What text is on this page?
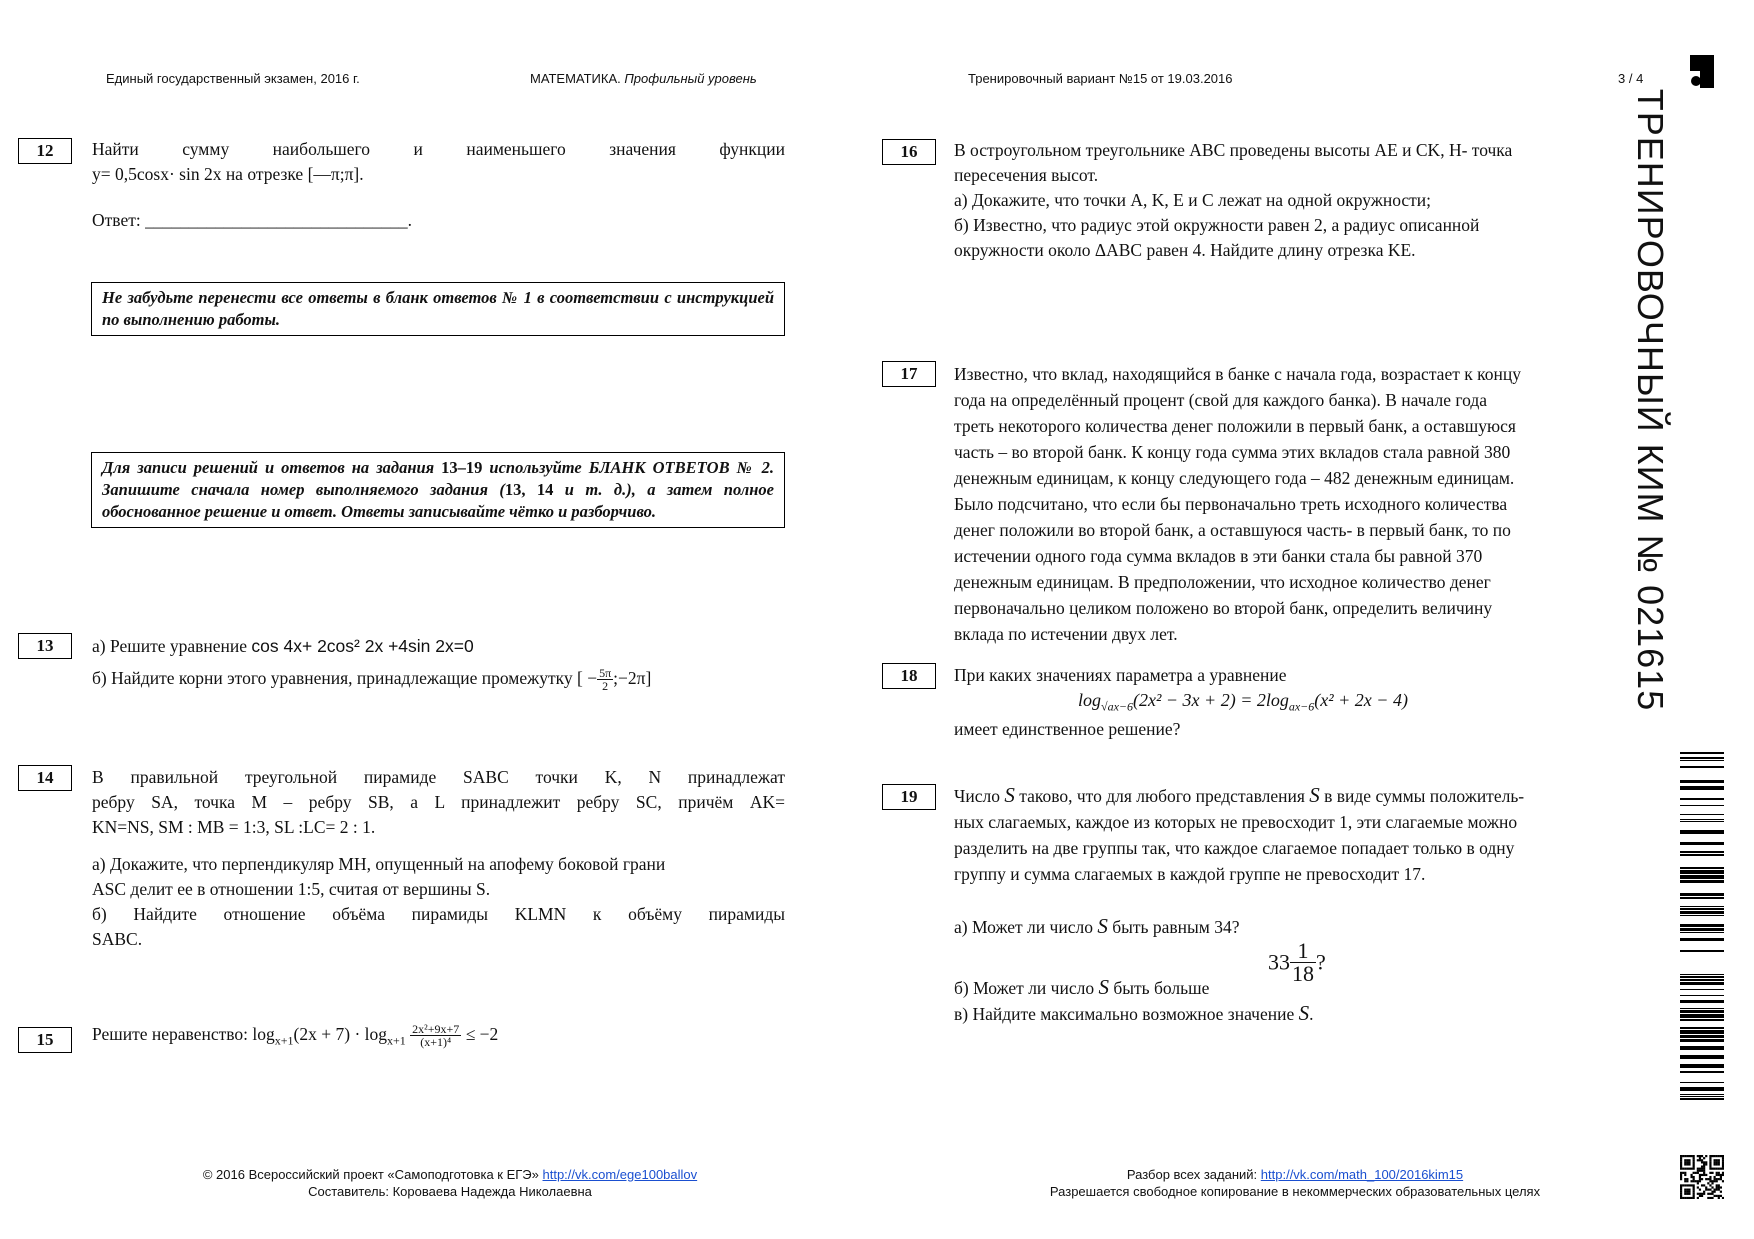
Единый государственный экзамен, 2016 г.	МАТЕМАТИКА. Профильный уровень	Тренировочный вариант №15 от 19.03.2016	3 / 4
ТРЕНИРОВОЧНЫЙ КИМ № 021615
12	Найти сумму наибольшего и наименьшего значения функции
y= 0,5cosx· sin 2x на отрезке [—π;π].
Ответ: ______________________________.
Не забудьте перенести все ответы в бланк ответов № 1 в соответствии с инструкцией по выполнению работы.
Для записи решений и ответов на задания 13–19 используйте БЛАНК ОТВЕТОВ № 2. Запишите сначала номер выполняемого задания (13, 14 и т. д.), а затем полное обоснованное решение и ответ. Ответы записывайте чётко и разборчиво.
13	а) Решите уравнение cos 4x+ 2cos² 2x +4sin 2x=0
б) Найдите корни этого уравнения, принадлежащие промежутку [ − $\frac{5\pi}{2}$ ;−2π]
14	В правильной треугольной пирамиде SABC точки K, N принадлежат
ребру SA, точка M – ребру SB, a L принадлежит ребру SC, причём AK=
KN=NS, SM : MB = 1:3, SL :LC= 2 : 1.
а) Докажите, что перпендикуляр MH, опущенный на апофему боковой грани
ASC делит ее в отношении 1:5, считая от вершины S.
б) Найдите отношение объёма пирамиды KLMN к объёму пирамиды
SABC.
15	Решите неравенство: $\log_{x+1}(2x + 7) \cdot \log_{x+1} \frac{\text{2x²+9x+7}}{\text{(x+1)⁴}} \le -2$
16	В остроугольном треугольнике ABC проведены высоты AE и CK, H- точка
пересечения высот.
а) Докажите, что точки A, K, E и C лежат на одной окружности;
б) Известно, что радиус этой окружности равен 2, а радиус описанной
окружности около ΔABC равен 4. Найдите длину отрезка KE.
17	Известно, что вклад, находящийся в банке с начала года, возрастает к концу
года на определённый процент (свой для каждого банка). В начале года
треть некоторого количества денег положили в первый банк, а оставшуюся
часть – во второй банк. К концу года сумма этих вкладов стала равной 380
денежным единицам, к концу следующего года – 482 денежным единицам.
Было подсчитано, что если бы первоначально треть исходного количества
денег положили во второй банк, а оставшуюся часть- в первый банк, то по
истечении одного года сумма вкладов в эти банки стала бы равной 370
денежным единицам. В предположении, что исходное количество денег
первоначально целиком положено во второй банк, определить величину
вклада по истечении двух лет.
18	При каких значениях параметра a уравнение
$\log_{√ax-6}(2x^2 - 3x + 2) = 2\log_{ax-6}(x^2 + 2x - 4)$
имеет единственное решение?
19	Число S таково, что для любого представления S в виде суммы положитель-
ных слагаемых, каждое из которых не превосходит 1, эти слагаемые можно
разделить на две группы так, что каждое слагаемое попадает только в одну
группу и сумма слагаемых в каждой группе не превосходит 17.
а) Может ли число S быть равным 34?
$33 \frac{1}{18}$ ?
б) Может ли число S быть больше
в) Найдите максимально возможное значение S.
© 2016 Всероссийский проект «Самоподготовка к ЕГЭ» http://vk.com/ege100ballov
Составитель: Короваева Надежда Николаевна
Разбор всех заданий: http://vk.com/math_100/2016kim15
Разрешается свободное копирование в некоммерческих образовательных целях
